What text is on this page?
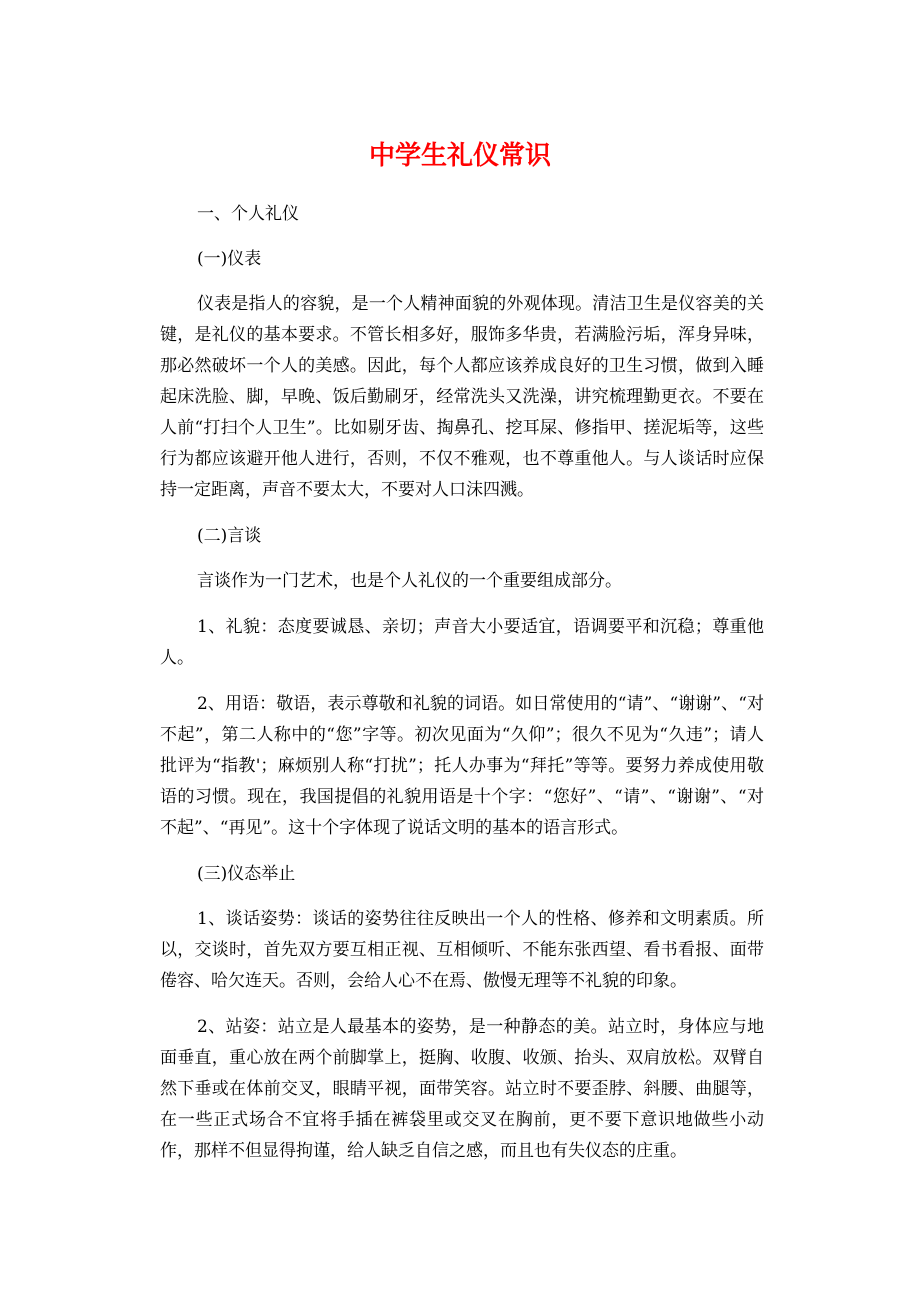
中学生礼仪常识

一、个人礼仪

(一)仪表

仪表是指人的容貌，是一个人精神面貌的外观体现。清洁卫生是仪容美的关键，是礼仪的基本要求。不管长相多好，服饰多华贵，若满脸污垢，浑身异味，那必然破坏一个人的美感。因此，每个人都应该养成良好的卫生习惯，做到入睡起床洗脸、脚，早晚、饭后勤刷牙，经常洗头又洗澡，讲究梳理勤更衣。不要在人前“打扫个人卫生”。比如剔牙齿、掏鼻孔、挖耳屎、修指甲、搓泥垢等，这些行为都应该避开他人进行，否则，不仅不雅观，也不尊重他人。与人谈话时应保持一定距离，声音不要太大，不要对人口沫四溅。

(二)言谈

言谈作为一门艺术，也是个人礼仪的一个重要组成部分。

1、礼貌：态度要诚恳、亲切；声音大小要适宜，语调要平和沉稳；尊重他人。

2、用语：敬语，表示尊敬和礼貌的词语。如日常使用的“请”、“谢谢”、“对不起”，第二人称中的“您”字等。初次见面为“久仰”；很久不见为“久违”；请人批评为“指教'；麻烦别人称“打扰”；托人办事为“拜托”等等。要努力养成使用敬语的习惯。现在，我国提倡的礼貌用语是十个字：“您好”、“请”、“谢谢”、“对不起”、“再见”。这十个字体现了说话文明的基本的语言形式。

(三)仪态举止

1、谈话姿势：谈话的姿势往往反映出一个人的性格、修养和文明素质。所以，交谈时，首先双方要互相正视、互相倾听、不能东张西望、看书看报、面带倦容、哈欠连天。否则，会给人心不在焉、傲慢无理等不礼貌的印象。

2、站姿：站立是人最基本的姿势，是一种静态的美。站立时，身体应与地面垂直，重心放在两个前脚掌上，挺胸、收腹、收颁、抬头、双肩放松。双臂自然下垂或在体前交叉，眼睛平视，面带笑容。站立时不要歪脖、斜腰、曲腿等，在一些正式场合不宜将手插在裤袋里或交叉在胸前，更不要下意识地做些小动作，那样不但显得拘谨，给人缺乏自信之感，而且也有失仪态的庄重。
